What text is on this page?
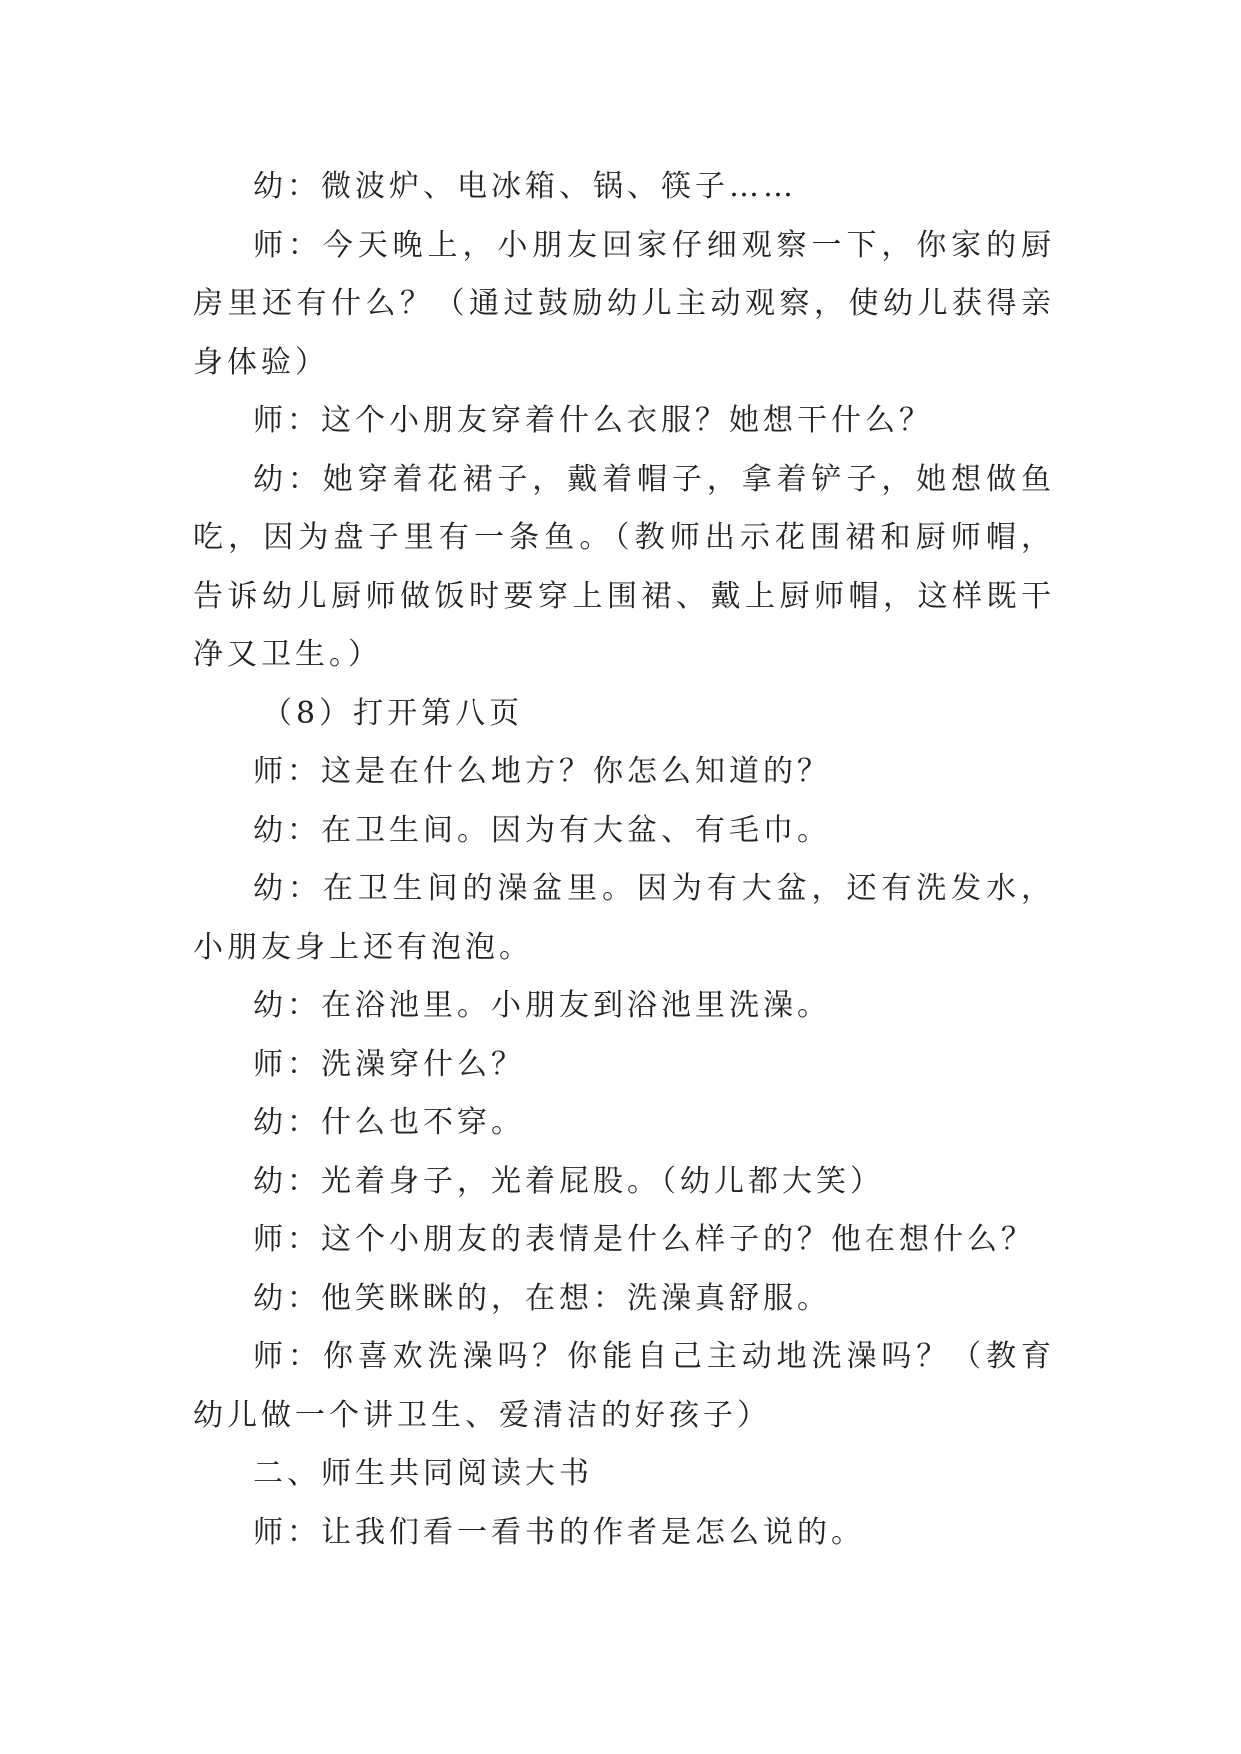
幼：微波炉、电冰箱、锅、筷子……

师：今天晚上，小朋友回家仔细观察一下，你家的厨房里还有什么？（通过鼓励幼儿主动观察，使幼儿获得亲身体验）

师：这个小朋友穿着什么衣服？她想干什么？

幼：她穿着花裙子，戴着帽子，拿着铲子，她想做鱼吃，因为盘子里有一条鱼。（教师出示花围裙和厨师帽，告诉幼儿厨师做饭时要穿上围裙、戴上厨师帽，这样既干净又卫生。）

（8）打开第八页

师：这是在什么地方？你怎么知道的？

幼：在卫生间。因为有大盆、有毛巾。

幼：在卫生间的澡盆里。因为有大盆，还有洗发水，小朋友身上还有泡泡。

幼：在浴池里。小朋友到浴池里洗澡。

师：洗澡穿什么？

幼：什么也不穿。

幼：光着身子，光着屁股。（幼儿都大笑）

师：这个小朋友的表情是什么样子的？他在想什么？

幼：他笑眯眯的，在想：洗澡真舒服。

师：你喜欢洗澡吗？你能自己主动地洗澡吗？（教育幼儿做一个讲卫生、爱清洁的好孩子）

二、师生共同阅读大书

师：让我们看一看书的作者是怎么说的。
